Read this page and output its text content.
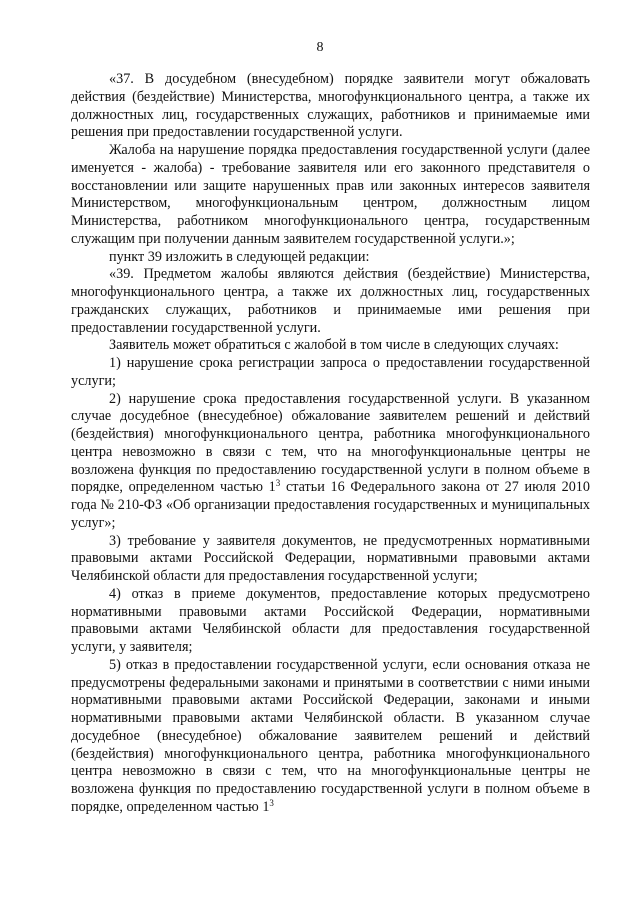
8

«37. В досудебном (внесудебном) порядке заявители могут обжаловать действия (бездействие) Министерства, многофункционального центра, а также их должностных лиц, государственных служащих, работников и принимаемые ими решения при предоставлении государственной услуги.

Жалоба на нарушение порядка предоставления государственной услуги (далее именуется - жалоба) - требование заявителя или его законного представителя о восстановлении или защите нарушенных прав или законных интересов заявителя Министерством, многофункциональным центром, должностным лицом Министерства, работником многофункционального центра, государственным служащим при получении данным заявителем государственной услуги.»;

пункт 39 изложить в следующей редакции:

«39. Предметом жалобы являются действия (бездействие) Министерства, многофункционального центра, а также их должностных лиц, государственных гражданских служащих, работников и принимаемые ими решения при предоставлении государственной услуги.

Заявитель может обратиться с жалобой в том числе в следующих случаях:

1) нарушение срока регистрации запроса о предоставлении государственной услуги;

2) нарушение срока предоставления государственной услуги. В указанном случае досудебное (внесудебное) обжалование заявителем решений и действий (бездействия) многофункционального центра, работника многофункционального центра невозможно в связи с тем, что на многофункциональные центры не возложена функция по предоставлению государственной услуги в полном объеме в порядке, определенном частью $1^3$ статьи 16 Федерального закона от 27 июля 2010 года № 210-ФЗ «Об организации предоставления государственных и муниципальных услуг»;

3) требование у заявителя документов, не предусмотренных нормативными правовыми актами Российской Федерации, нормативными правовыми актами Челябинской области для предоставления государственной услуги;

4) отказ в приеме документов, предоставление которых предусмотрено нормативными правовыми актами Российской Федерации, нормативными правовыми актами Челябинской области для предоставления государственной услуги, у заявителя;

5) отказ в предоставлении государственной услуги, если основания отказа не предусмотрены федеральными законами и принятыми в соответствии с ними иными нормативными правовыми актами Российской Федерации, законами и иными нормативными правовыми актами Челябинской области. В указанном случае досудебное (внесудебное) обжалование заявителем решений и действий (бездействия) многофункционального центра, работника многофункционального центра невозможно в связи с тем, что на многофункциональные центры не возложена функция по предоставлению государственной услуги в полном объеме в порядке, определенном частью $1^3$
